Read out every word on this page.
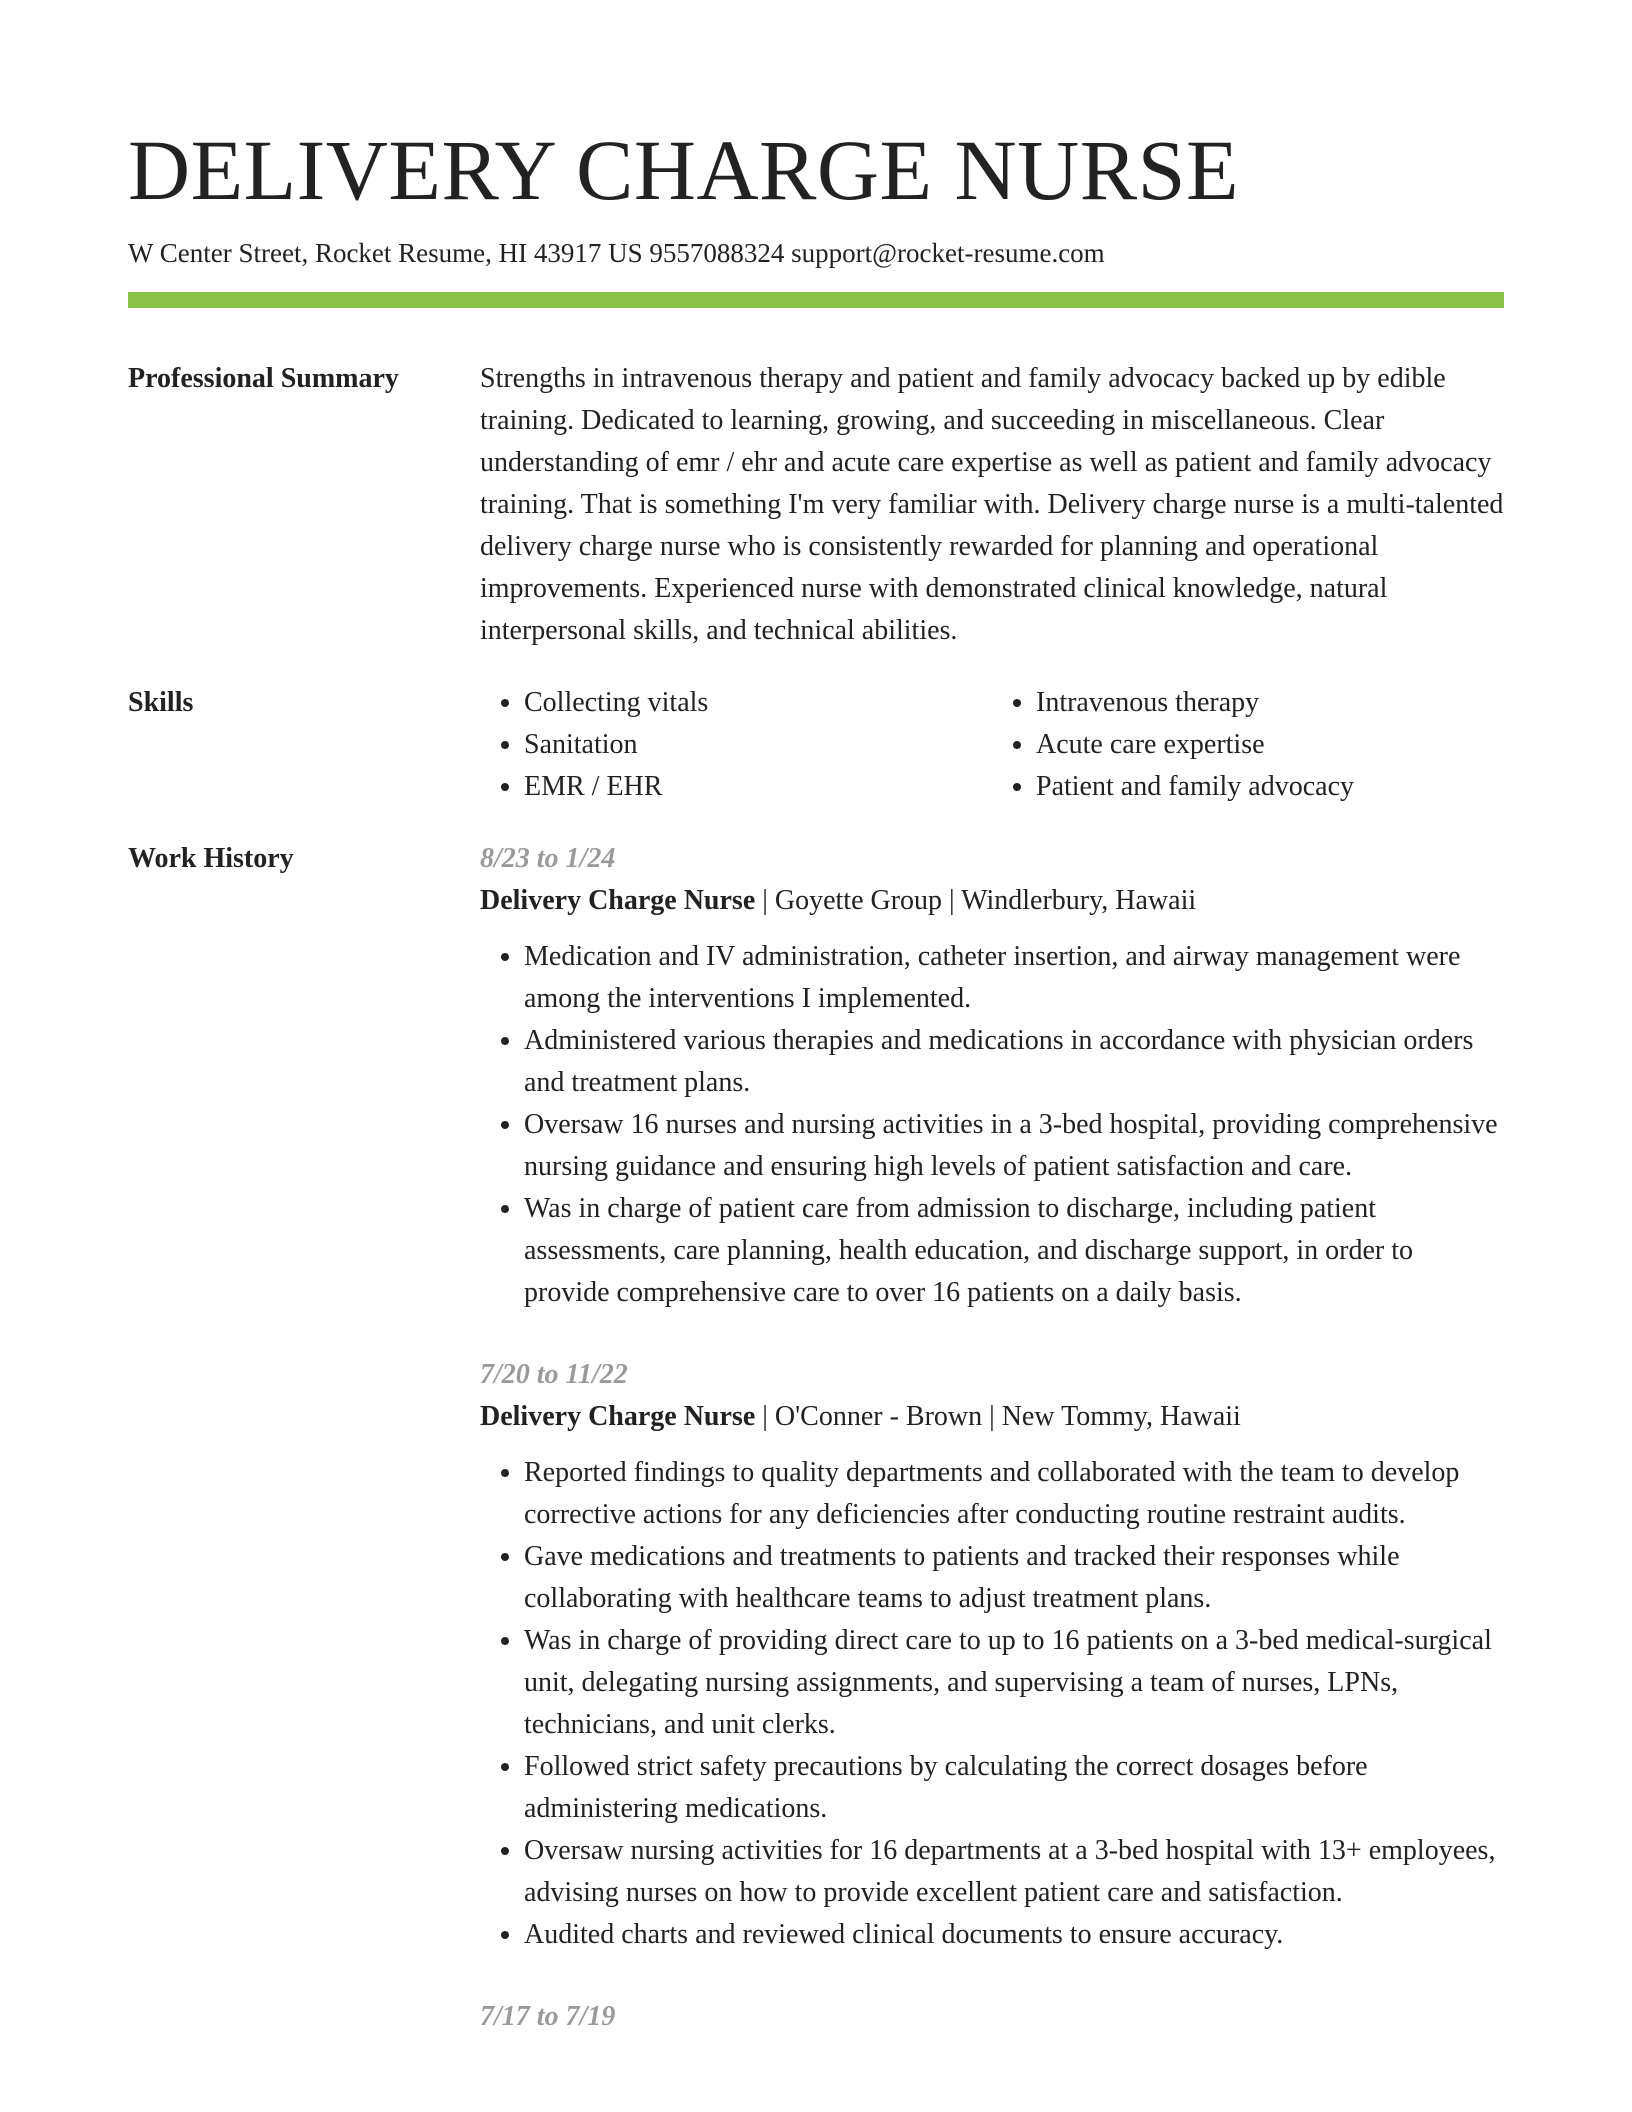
DELIVERY CHARGE NURSE
W Center Street, Rocket Resume, HI 43917 US 9557088324 support@rocket-resume.com
Professional Summary	Strengths in intravenous therapy and patient and family advocacy backed up by edible training. Dedicated to learning, growing, and succeeding in miscellaneous. Clear understanding of emr / ehr and acute care expertise as well as patient and family advocacy training. That is something I'm very familiar with. Delivery charge nurse is a multi-talented delivery charge nurse who is consistently rewarded for planning and operational improvements. Experienced nurse with demonstrated clinical knowledge, natural interpersonal skills, and technical abilities.

Skills
•	Collecting vitals
• Sanitation
• EMR / EHR
• Intravenous therapy
• Acute care expertise
• Patient and family advocacy
Work History	8/23 to 1/24
Delivery Charge Nurse | Goyette Group | Windlerbury, Hawaii
• Medication and IV administration, catheter insertion, and airway management were among the interventions I implemented.
• Administered various therapies and medications in accordance with physician orders and treatment plans.
• Oversaw 16 nurses and nursing activities in a 3-bed hospital, providing comprehensive nursing guidance and ensuring high levels of patient satisfaction and care.
• Was in charge of patient care from admission to discharge, including patient assessments, care planning, health education, and discharge support, in order to provide comprehensive care to over 16 patients on a daily basis.
7/20 to 11/22
Delivery Charge Nurse | O'Conner - Brown | New Tommy, Hawaii
• Reported findings to quality departments and collaborated with the team to develop corrective actions for any deficiencies after conducting routine restraint audits.
• Gave medications and treatments to patients and tracked their responses while collaborating with healthcare teams to adjust treatment plans.
• Was in charge of providing direct care to up to 16 patients on a 3-bed medical-surgical unit, delegating nursing assignments, and supervising a team of nurses, LPNs, technicians, and unit clerks.
• Followed strict safety precautions by calculating the correct dosages before administering medications.
• Oversaw nursing activities for 16 departments at a 3-bed hospital with 13+ employees, advising nurses on how to provide excellent patient care and satisfaction.
• Audited charts and reviewed clinical documents to ensure accuracy.
7/17 to 7/19
